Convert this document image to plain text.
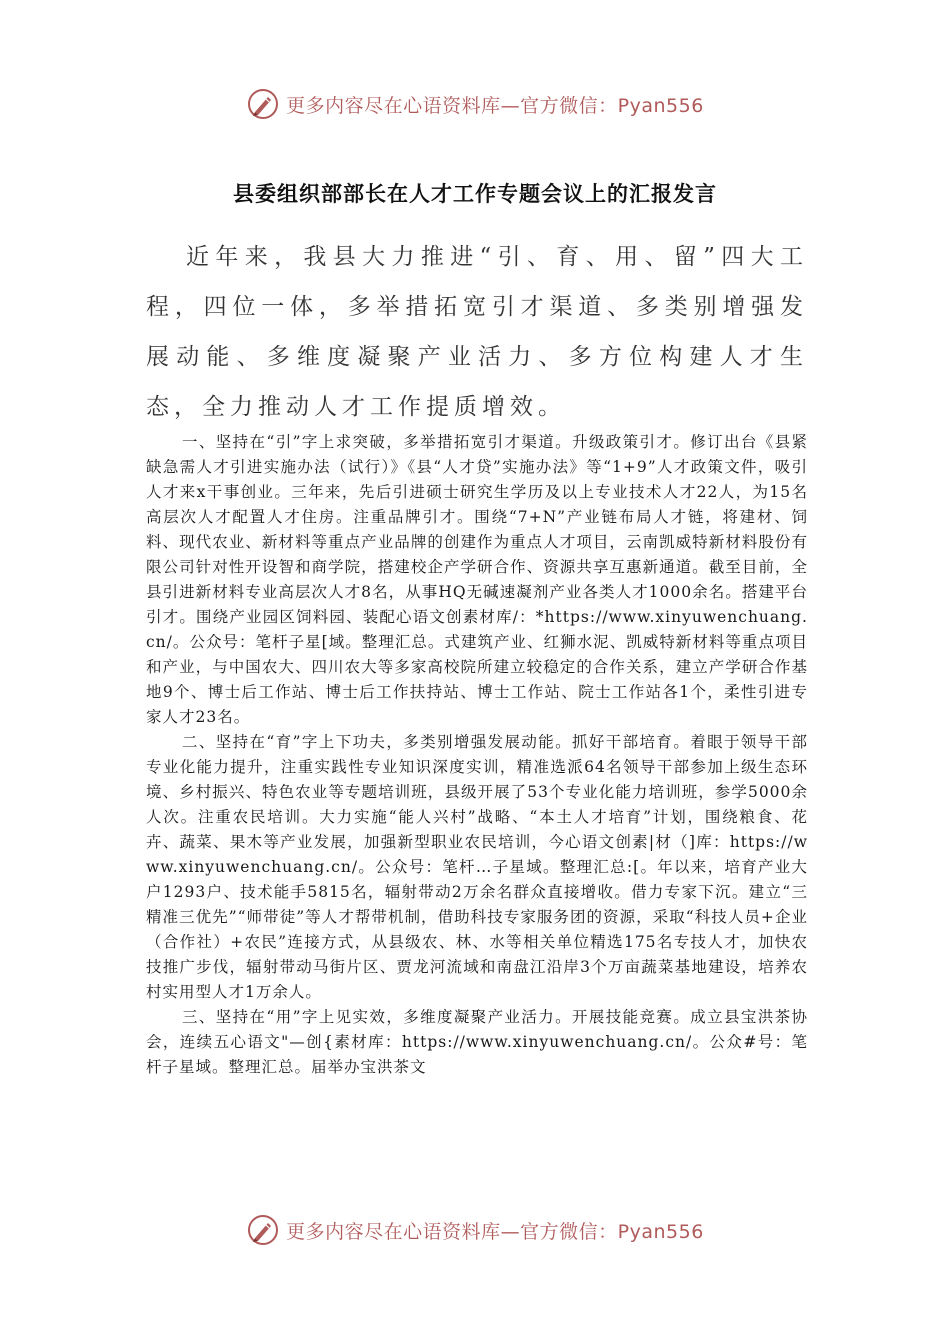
更多内容尽在心语资料库—官方微信：Pyan556
县委组织部部长在人才工作专题会议上的汇报发言

近年来，我县大力推进“引、育、用、留”四大工程，四位一体，多举措拓宽引才渠道、多类别增强发展动能、多维度凝聚产业活力、多方位构建人才生态，全力推动人才工作提质增效。

一、坚持在“引”字上求突破，多举措拓宽引才渠道。升级政策引才。修订出台《县紧缺急需人才引进实施办法（试行）》《县“人才贷”实施办法》等“1+9”人才政策文件，吸引人才来x干事创业。三年来，先后引进硕士研究生学历及以上专业技术人才22人，为15名高层次人才配置人才住房。注重品牌引才。围绕“7+N”产业链布局人才链，将建材、饲料、现代农业、新材料等重点产业品牌的创建作为重点人才项目，云南凯威特新材料股份有限公司针对性开设智和商学院，搭建校企产学研合作、资源共享互惠新通道。截至目前，全县引进新材料专业高层次人才8名，从事HQ无碱速凝剂产业各类人才1000余名。搭建平台引才。围绕产业园区饲料园、装配心语文创素材库/：*https://www.xinyuwenchuang.cn/。公众号：笔杆子星[域。整理汇总。式建筑产业、红狮水泥、凯威特新材料等重点项目和产业，与中国农大、四川农大等多家高校院所建立较稳定的合作关系，建立产学研合作基地9个、博士后工作站、博士后工作扶持站、博士工作站、院士工作站各1个，柔性引进专家人才23名。

二、坚持在“育”字上下功夫，多类别增强发展动能。抓好干部培育。着眼于领导干部专业化能力提升，注重实践性专业知识深度实训，精准选派64名领导干部参加上级生态环境、乡村振兴、特色农业等专题培训班，县级开展了53个专业化能力培训班，参学5000余人次。注重农民培训。大力实施“能人兴村”战略、“本土人才培育”计划，围绕粮食、花卉、蔬菜、果木等产业发展，加强新型职业农民培训，今心语文创素|材（]库：https://www.xinyuwenchuang.cn/。公众号：笔杆…子星域。整理汇总:[。年以来，培育产业大户1293户、技术能手5815名，辐射带动2万余名群众直接增收。借力专家下沉。建立“三精准三优先”“师带徒”等人才帮带机制，借助科技专家服务团的资源，采取“科技人员+企业（合作社）+农民”连接方式，从县级农、林、水等相关单位精选175名专技人才，加快农技推广步伐，辐射带动马街片区、贾龙河流域和南盘江沿岸3个万亩蔬菜基地建设，培养农村实用型人才1万余人。

三、坚持在“用”字上见实效，多维度凝聚产业活力。开展技能竞赛。成立县宝洪茶协会，连续五心语文"—创{素材库：https://www.xinyuwenchuang.cn/。公众#号：笔杆子星域。整理汇总。届举办宝洪茶文

更多内容尽在心语资料库—官方微信：Pyan556
